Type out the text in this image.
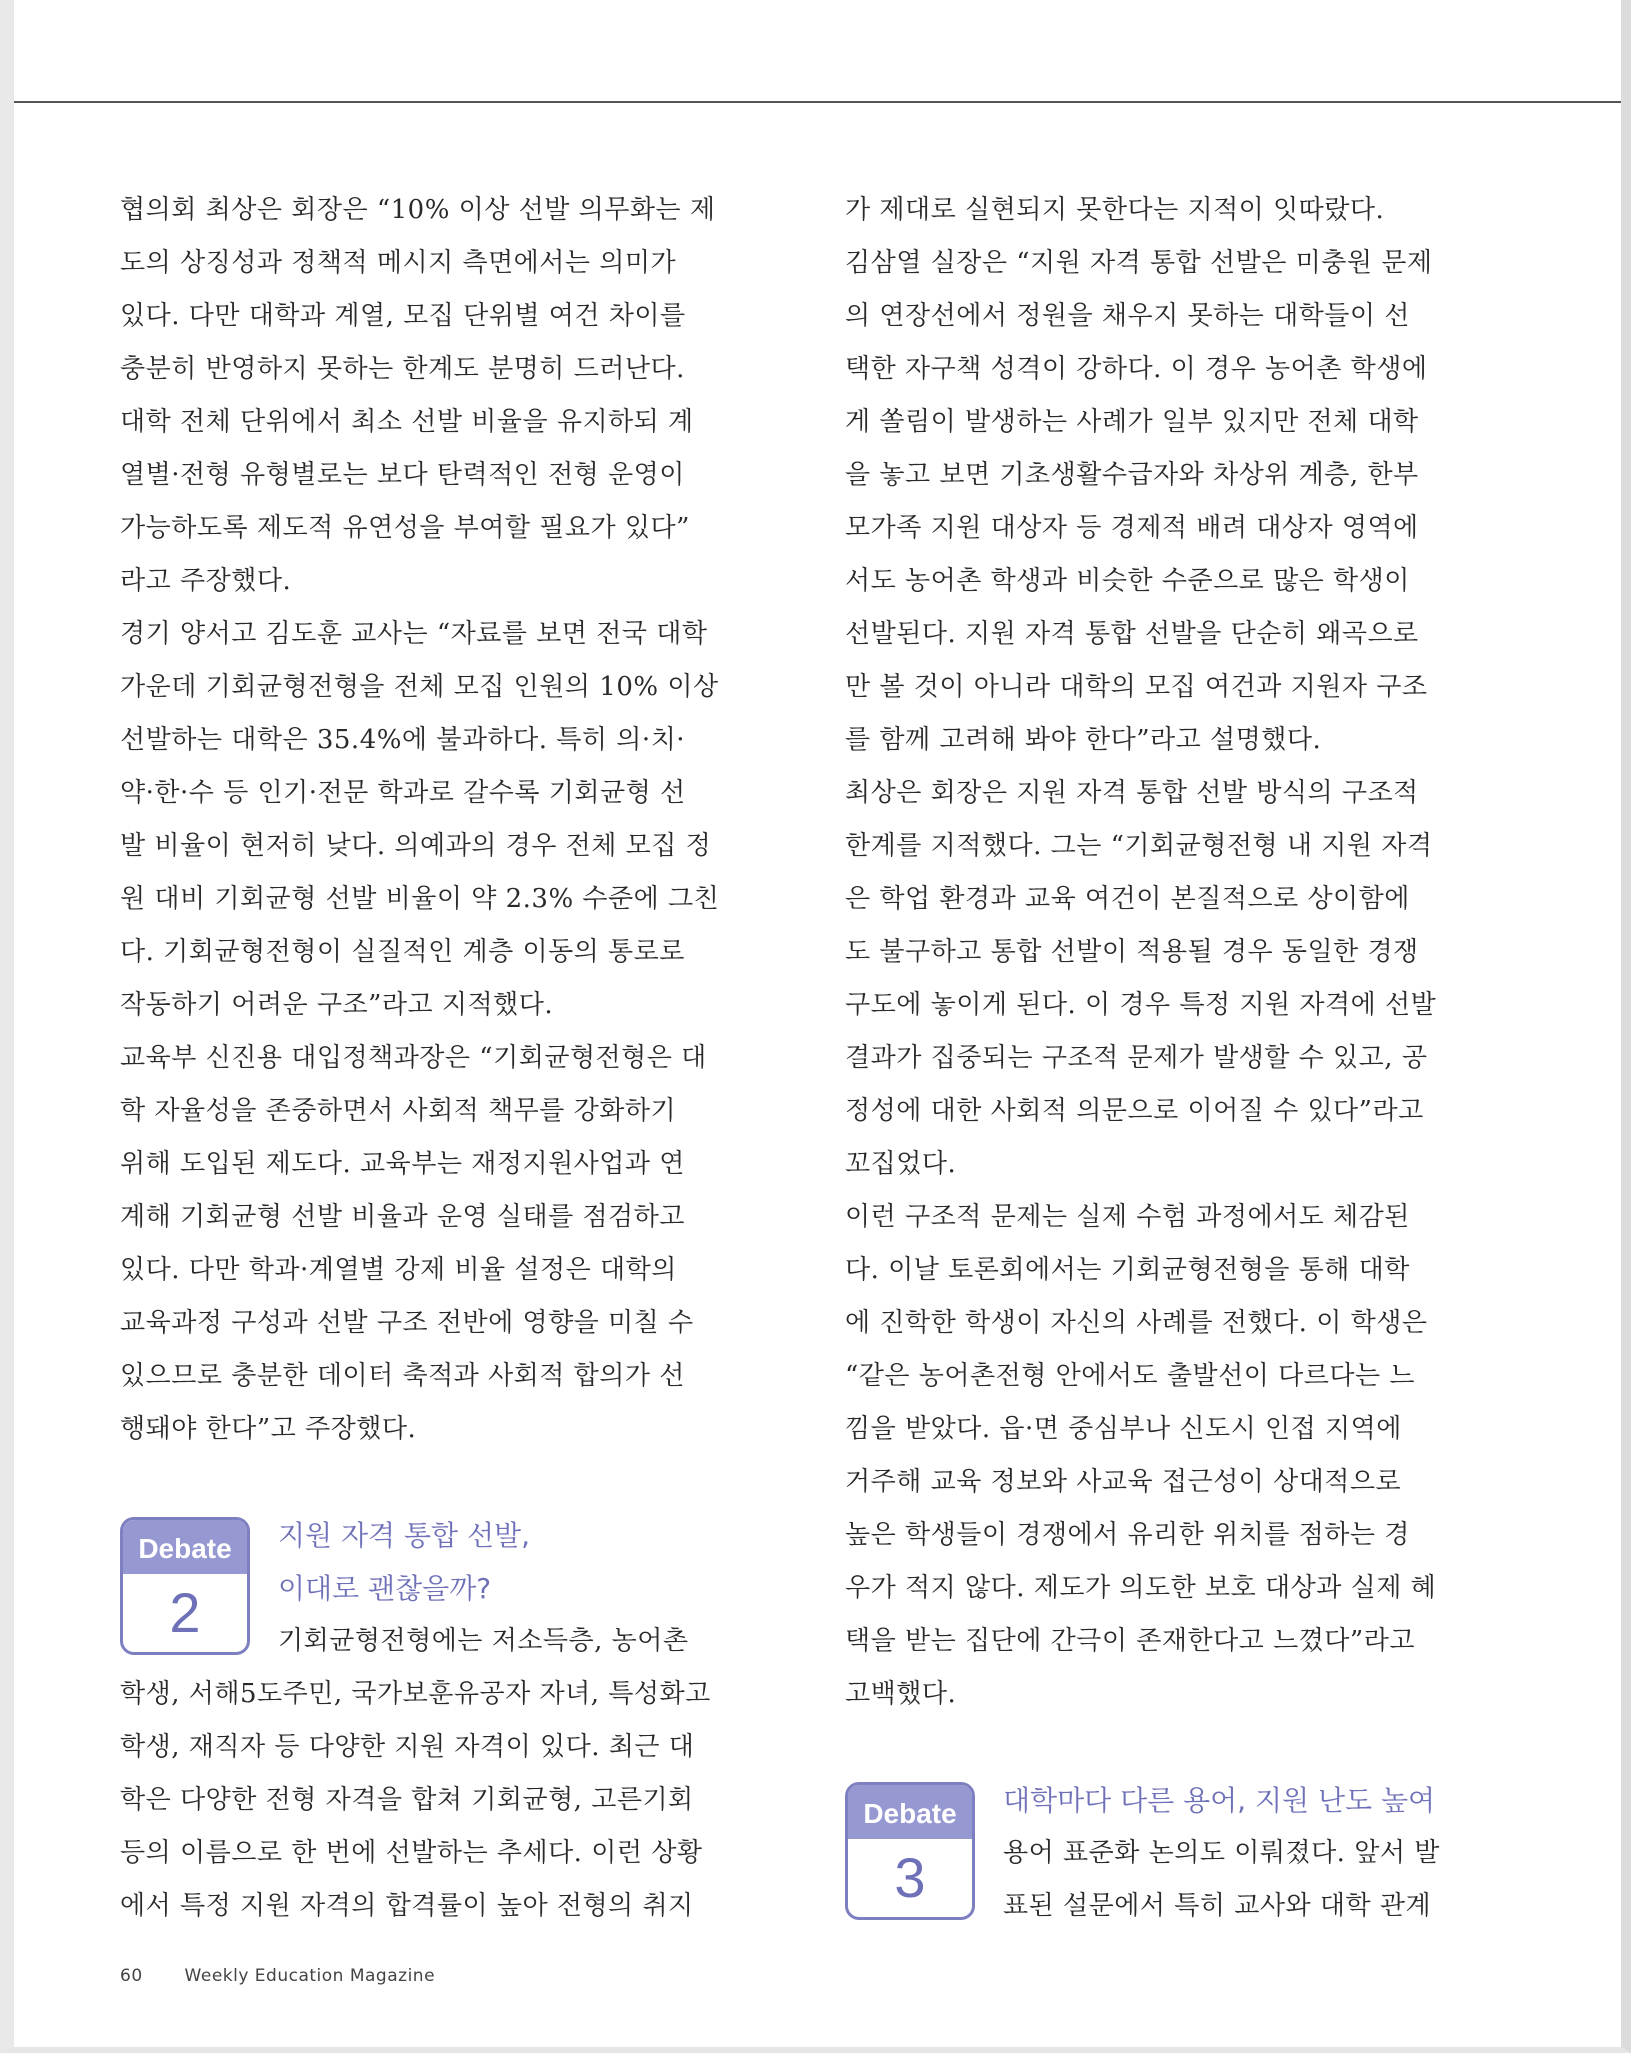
협의회 최상은 회장은 “10% 이상 선발 의무화는 제
도의 상징성과 정책적 메시지 측면에서는 의미가
있다. 다만 대학과 계열, 모집 단위별 여건 차이를
충분히 반영하지 못하는 한계도 분명히 드러난다.
대학 전체 단위에서 최소 선발 비율을 유지하되 계
열별·전형 유형별로는 보다 탄력적인 전형 운영이
가능하도록 제도적 유연성을 부여할 필요가 있다”
라고 주장했다.
경기 양서고 김도훈 교사는 “자료를 보면 전국 대학
가운데 기회균형전형을 전체 모집 인원의 10% 이상
선발하는 대학은 35.4%에 불과하다. 특히 의·치·
약·한·수 등 인기·전문 학과로 갈수록 기회균형 선
발 비율이 현저히 낮다. 의예과의 경우 전체 모집 정
원 대비 기회균형 선발 비율이 약 2.3% 수준에 그친
다. 기회균형전형이 실질적인 계층 이동의 통로로
작동하기 어려운 구조”라고 지적했다.
교육부 신진용 대입정책과장은 “기회균형전형은 대
학 자율성을 존중하면서 사회적 책무를 강화하기
위해 도입된 제도다. 교육부는 재정지원사업과 연
계해 기회균형 선발 비율과 운영 실태를 점검하고
있다. 다만 학과·계열별 강제 비율 설정은 대학의
교육과정 구성과 선발 구조 전반에 영향을 미칠 수
있으므로 충분한 데이터 축적과 사회적 합의가 선
행돼야 한다”고 주장했다.
Debate
2
지원 자격 통합 선발,
이대로 괜찮을까?
기회균형전형에는 저소득층, 농어촌
학생, 서해5도주민, 국가보훈유공자 자녀, 특성화고
학생, 재직자 등 다양한 지원 자격이 있다. 최근 대
학은 다양한 전형 자격을 합쳐 기회균형, 고른기회
등의 이름으로 한 번에 선발하는 추세다. 이런 상황
에서 특정 지원 자격의 합격률이 높아 전형의 취지
가 제대로 실현되지 못한다는 지적이 잇따랐다.
김삼열 실장은 “지원 자격 통합 선발은 미충원 문제
의 연장선에서 정원을 채우지 못하는 대학들이 선
택한 자구책 성격이 강하다. 이 경우 농어촌 학생에
게 쏠림이 발생하는 사례가 일부 있지만 전체 대학
을 놓고 보면 기초생활수급자와 차상위 계층, 한부
모가족 지원 대상자 등 경제적 배려 대상자 영역에
서도 농어촌 학생과 비슷한 수준으로 많은 학생이
선발된다. 지원 자격 통합 선발을 단순히 왜곡으로
만 볼 것이 아니라 대학의 모집 여건과 지원자 구조
를 함께 고려해 봐야 한다”라고 설명했다.
최상은 회장은 지원 자격 통합 선발 방식의 구조적
한계를 지적했다. 그는 “기회균형전형 내 지원 자격
은 학업 환경과 교육 여건이 본질적으로 상이함에
도 불구하고 통합 선발이 적용될 경우 동일한 경쟁
구도에 놓이게 된다. 이 경우 특정 지원 자격에 선발
결과가 집중되는 구조적 문제가 발생할 수 있고, 공
정성에 대한 사회적 의문으로 이어질 수 있다”라고
꼬집었다.
이런 구조적 문제는 실제 수험 과정에서도 체감된
다. 이날 토론회에서는 기회균형전형을 통해 대학
에 진학한 학생이 자신의 사례를 전했다. 이 학생은
“같은 농어촌전형 안에서도 출발선이 다르다는 느
낌을 받았다. 읍·면 중심부나 신도시 인접 지역에
거주해 교육 정보와 사교육 접근성이 상대적으로
높은 학생들이 경쟁에서 유리한 위치를 점하는 경
우가 적지 않다. 제도가 의도한 보호 대상과 실제 혜
택을 받는 집단에 간극이 존재한다고 느꼈다”라고
고백했다.
Debate
3
대학마다 다른 용어, 지원 난도 높여
용어 표준화 논의도 이뤄졌다. 앞서 발
표된 설문에서 특히 교사와 대학 관계
60 Weekly Education Magazine
